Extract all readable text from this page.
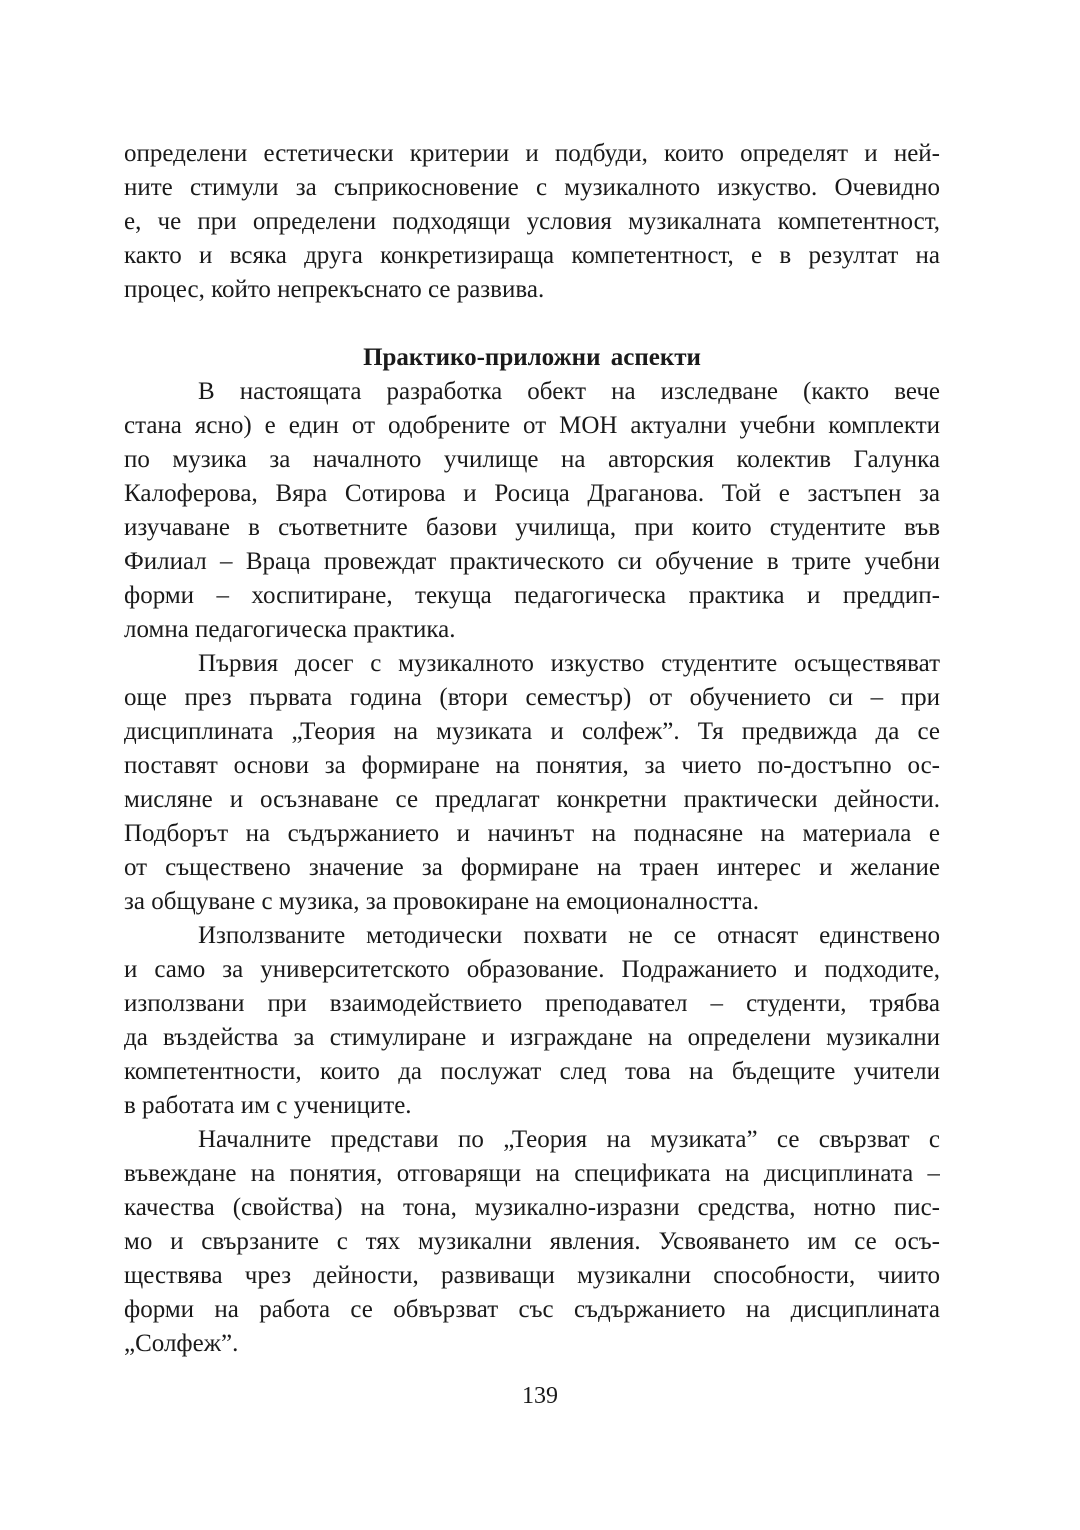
определени естетически критерии и подбуди, които определят и ней-
ните стимули за съприкосновение с музикалното изкуство. Очевидно
е, че при определени подходящи условия музикалната компетентност,
както и всяка друга конкретизираща компетентност, е в резултат на
процес, който непрекъснато се развива.
Практико-приложни аспекти
В настоящата разработка обект на изследване (както вече
стана ясно) е един от одобрените от МОН актуални учебни комплекти
по музика за началното училище на авторския колектив Галунка
Калоферова, Вяра Сотирова и Росица Драганова. Той е застъпен за
изучаване в съответните базови училища, при които студентите във
Филиал – Враца провеждат практическото си обучение в трите учебни
форми – хоспитиране, текуща педагогическа практика и преддип-
ломна педагогическа практика.
Първия досег с музикалното изкуство студентите осъществяват
още през първата година (втори семестър) от обучението си – при
дисциплината „Теория на музиката и солфеж”. Тя предвижда да се
поставят основи за формиране на понятия, за чието по-достъпно ос-
мисляне и осъзнаване се предлагат конкретни практически дейности.
Подборът на съдържанието и начинът на поднасяне на материала е
от съществено значение за формиране на траен интерес и желание
за общуване с музика, за провокиране на емоционалността.
Използваните методически похвати не се отнасят единствено
и само за университетското образование. Подражанието и подходите,
използвани при взаимодействието преподавател – студенти, трябва
да въздейства за стимулиране и изграждане на определени музикални
компетентности, които да послужат след това на бъдещите учители
в работата им с учениците.
Началните представи по „Теория на музиката” се свързват с
въвеждане на понятия, отговарящи на спецификата на дисциплината –
качества (свойства) на тона, музикално-изразни средства, нотно пис-
мо и свързаните с тях музикални явления. Усвояването им се осъ-
ществява чрез дейности, развиващи музикални способности, чиито
форми на работа се обвързват със съдържанието на дисциплината
„Солфеж”.
139
